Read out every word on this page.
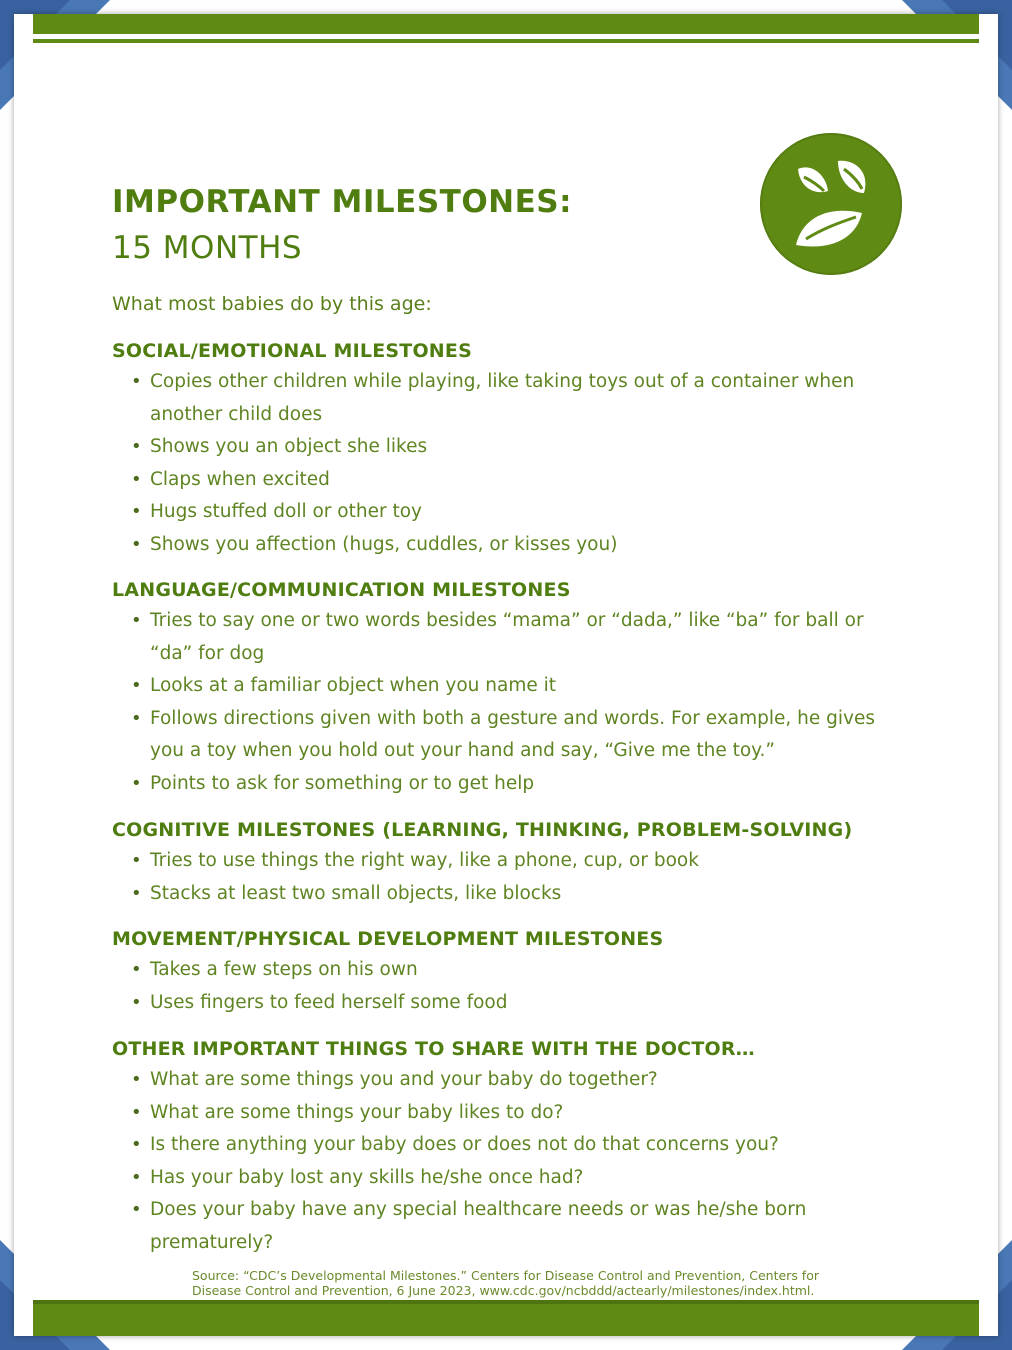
IMPORTANT MILESTONES:
15 MONTHS
What most babies do by this age:
SOCIAL/EMOTIONAL MILESTONES
• Copies other children while playing, like taking toys out of a container when another child does
• Shows you an object she likes
• Claps when excited
• Hugs stuffed doll or other toy
• Shows you affection (hugs, cuddles, or kisses you)
LANGUAGE/COMMUNICATION MILESTONES
• Tries to say one or two words besides “mama” or “dada,” like “ba” for ball or “da” for dog
• Looks at a familiar object when you name it
• Follows directions given with both a gesture and words. For example, he gives you a toy when you hold out your hand and say, “Give me the toy.”
• Points to ask for something or to get help
COGNITIVE MILESTONES (LEARNING, THINKING, PROBLEM-SOLVING)
• Tries to use things the right way, like a phone, cup, or book
• Stacks at least two small objects, like blocks
MOVEMENT/PHYSICAL DEVELOPMENT MILESTONES
• Takes a few steps on his own
• Uses fingers to feed herself some food
OTHER IMPORTANT THINGS TO SHARE WITH THE DOCTOR…
• What are some things you and your baby do together?
• What are some things your baby likes to do?
• Is there anything your baby does or does not do that concerns you?
• Has your baby lost any skills he/she once had?
• Does your baby have any special healthcare needs or was he/she born prematurely?
Source: “CDC’s Developmental Milestones.” Centers for Disease Control and Prevention, Centers for Disease Control and Prevention, 6 June 2023, www.cdc.gov/ncbddd/actearly/milestones/index.html.
